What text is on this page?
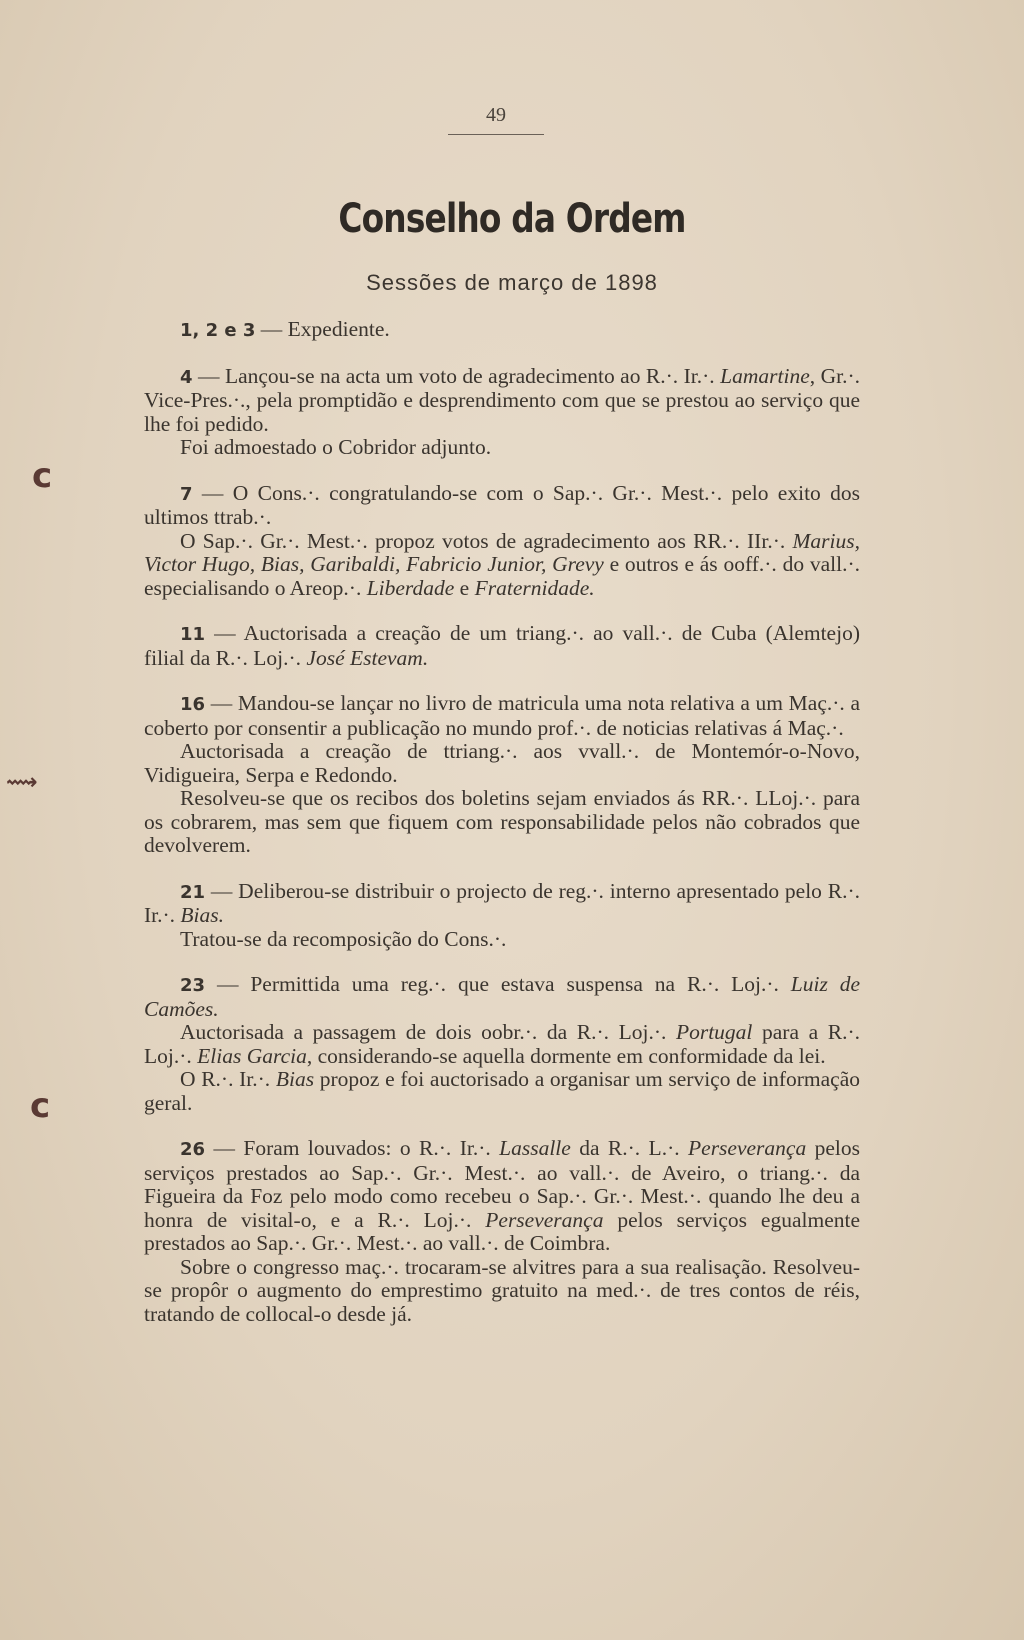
49
Conselho da Ordem
Sessões de março de 1898

1, 2 e 3 — Expediente.

4 — Lançou-se na acta um voto de agradecimento ao R.·. Ir.·. Lamartine, Gr.·. Vice-Pres.·., pela promptidão e desprendimento com que se prestou ao serviço que lhe foi pedido.

Foi admoestado o Cobridor adjunto.

7 — O Cons.·. congratulando-se com o Sap.·. Gr.·. Mest.·. pelo exito dos ultimos ttrab.·.

O Sap.·. Gr.·. Mest.·. propoz votos de agradecimento aos RR.·. IIr.·. Marius, Victor Hugo, Bias, Garibaldi, Fabricio Junior, Grevy e outros e ás ooff.·. do vall.·. especialisando o Areop.·. Liberdade e Fraternidade.

11 — Auctorisada a creação de um triang.·. ao vall.·. de Cuba (Alemtejo) filial da R.·. Loj.·. José Estevam.

16 — Mandou-se lançar no livro de matricula uma nota relativa a um Maç.·. a coberto por consentir a publicação no mundo prof.·. de noticias relativas á Maç.·.

Auctorisada a creação de ttriang.·. aos vvall.·. de Montemór-o-Novo, Vidigueira, Serpa e Redondo.

Resolveu-se que os recibos dos boletins sejam enviados ás RR.·. LLoj.·. para os cobrarem, mas sem que fiquem com responsabilidade pelos não cobrados que devolverem.

21 — Deliberou-se distribuir o projecto de reg.·. interno apresentado pelo R.·. Ir.·. Bias.

Tratou-se da recomposição do Cons.·.

23 — Permittida uma reg.·. que estava suspensa na R.·. Loj.·. Luiz de Camões.

Auctorisada a passagem de dois oobr.·. da R.·. Loj.·. Portugal para a R.·. Loj.·. Elias Garcia, considerando-se aquella dormente em conformidade da lei.

O R.·. Ir.·. Bias propoz e foi auctorisado a organisar um serviço de informação geral.

26 — Foram louvados: o R.·. Ir.·. Lassalle da R.·. L.·. Perseverança pelos serviços prestados ao Sap.·. Gr.·. Mest.·. ao vall.·. de Aveiro, o triang.·. da Figueira da Foz pelo modo como recebeu o Sap.·. Gr.·. Mest.·. quando lhe deu a honra de visital-o, e a R.·. Loj.·. Perseverança pelos serviços egualmente prestados ao Sap.·. Gr.·. Mest.·. ao vall.·. de Coimbra.

Sobre o congresso maç.·. trocaram-se alvitres para a sua realisação. Resolveu-se propôr o augmento do emprestimo gratuito na med.·. de tres contos de réis, tratando de collocal-o desde já.

c
⟿
c
